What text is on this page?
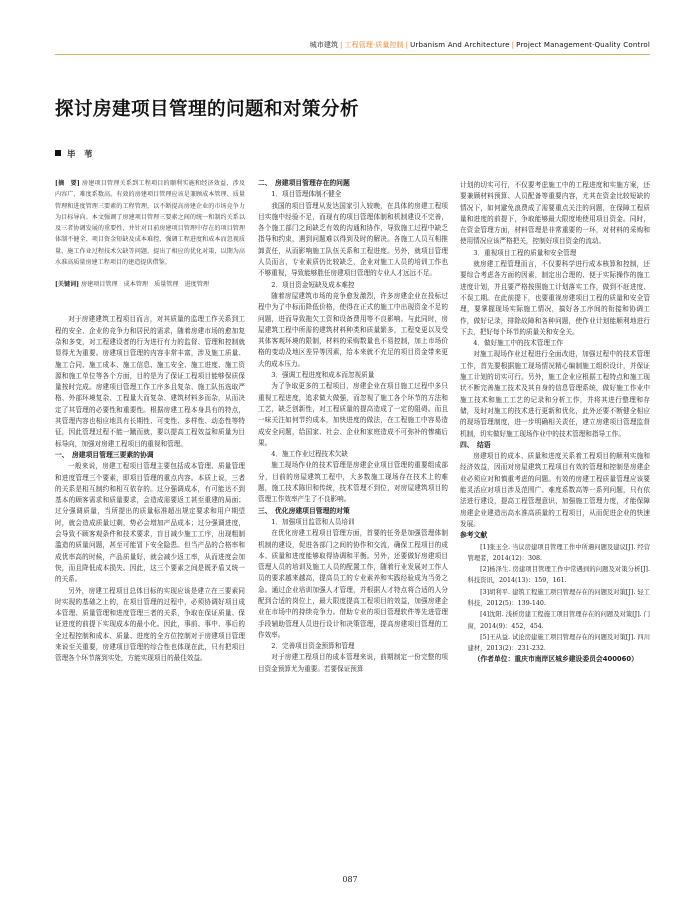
城市建筑 | 工程管理·质量控制 | Urbanism And Architecture | Project Management·Quality Control
探讨房建项目管理的问题和对策分析
毕　苇
[摘　要] 房建项目管理关系到工程项目的顺利实施和经济效益，涉及内容广、难度系数高。有效的房建项目管理应该是兼顾成本管理、质量管理和进度管理三要素的工程管理，以不断提高房建企业的市场竞争力为目标导向。本文强调了房建项目管理三要素之间的统一和制约关系以及三者协调发展的重要性，并针对目前房建项目管理中存在的项目管理体制不健全、项目资金短缺及成本难控、强调工程进度和成本而忽视质量、施工作业过程技术欠缺等问题，提出了相应的优化对策，以期为高水准高质量房建工程项目的建造提供借鉴。
[关键词] 房建项目管理　成本管理　质量管理　进度管理

对于房建建筑工程项目而言，对其质量的监理工作关系到工程的安全、企业的竞争力和居民的需求，随着房建市场的愈加复杂和多变，对工程建设者的行为进行有力的监督、管理和控制就显得尤为重要。房建项目管理的内容非常丰富，涉及施工质量、施工合同、施工成本、施工信息、施工安全、施工进度、施工资源和施工单位等各个方面，目的是为了保证工程项目能够保质保量按时完成。房建项目管理工作工序多且复杂、施工队伍选取严格、外部环境复杂、工程量大而复杂、建筑材料多而杂，从而决定了其管理的必要性和重要性。根据房建工程本身具有的特点，其管理内容也相应地具有长期性、可变性、多样性、动态性等特征，因此管理过程不能一蹴而就，要以提高工程效益和质量为目标导向，加强对房建工程项目的重视和管理。

一、　房建项目管理三要素的协调

一般来说，房建工程项目管理主要包括成本管理、质量管理和进度管理三个要素，即项目管理的重点内容。本质上说，三者的关系是相互制约和相互依存的。过分强调成本，有可能达不到基本的顾客需求和质量要求，会造成需要返工甚至重建的局面；过分强调质量，当所提出的质量标准超出规定要求和用户期望时，就会造成质量过剩，势必会增加产品成本；过分强调进度，会导致不顾客观条件和技术要求，盲目减少施工工序，出现粗制滥造的质量问题，甚至可能冒下安全隐患。但当产品的合格率和成优率高的时候，产品质量好，就会减少返工率，从而进度会加快，而且降低成本损失。因此，这三个要素之间是既矛盾又统一的关系。

另外，房建工程项目总体目标的实现应该是建立在三要素同时实现的基础之上的，在项目管理的过程中，必须协调好项目成本管理、质量管理和进度管理三者的关系，争取在保证质量、保证进度的前提下实现成本的最小化。因此，事前、事中、事后的全过程控制和成本、质量、进度的全方位控制对于房建项目管理来说至关重要，房建项目管理的综合性也体现在此，只有把项目管理各个环节落到实处，方能实现项目的最佳效益。

二、　房建项目管理存在的问题

1．项目管理体制不健全

我国的项目管理从发达国家引入较晚，在具体的房建工程项目实施中经验不足，而现有的项目管理体制和机制建设不完善，各个施工部门之间缺乏有效的沟通和协作，导致施工过程中缺乏指导和约束，遇到问题难以得到及时的解决。各施工人员互相推卸责任，从而影响施工队伍关系和工程进度。另外，就项目管理人员而言，专业素质仍比较缺乏，企业对施工人员的培训工作也不够重视，导致能够胜任房建项目管理的专业人才远远不足。

2．项目资金短缺及成本难控

随着房屋建筑市场的竞争愈发激烈，许多房建企业在投标过程中为了中标而降低价格，使得在正式的施工中出现资金不足的问题，进而导致拖欠工资和设备费用等不良影响。与此同时，房屋建筑工程中所需的建筑材料种类和质量繁多，工程变更以及受其体客观环境的限制，材料的采购数量也不易控制，加上市场价格的变动及地区差异等因素，给本来就不充足的项目资金带来更大的成本压力。

3．强调工程进度和成本而忽视质量

为了争取更多的工程项目，房建企业在项目施工过程中多只重视工程进度，追求做大做强，而忽视了施工各个环节的方法和工艺，缺乏创新性，对工程质量的提高造成了一定的阻碍。而且一味关注如何节约成本，加快进度的做法，在工程施工中容易造成安全问题，给国家、社会、企业和家庭造成不可弥补的惨痛后果。

4．施工作业过程技术欠缺

施工现场作业的技术管理是房建企业项目管理的重要组成部分，目前的房屋建筑工程中，大多数施工现场存在技术上的难题，施工技术陈旧和传统，技术管理不到位，对房屋建筑项目的管理工作效率产生了不良影响。

三、　优化房建项目管理的对策

1．加强项目监管和人员培训

在优化房建工程项目管理方面，首要的任务是加强管理体制机制的建设，促进各部门之间的协作和交流，确保工程项目的成本、质量和进度能够取得协调和平衡。另外，还要做好房建项目管理人员的培训及施工人员的配置工作，随着行业发展对工作人员的要求越来越高，提高员工的专业素养和实践经验成为当务之急。通过企业培训加强人才管理，并根据人才特点将合适的人分配到合适的岗位上，最大限度提高工程项目的效益，加强房建企业在市场中的持续竞争力。借助专业的项目管理软件等先进管理手段辅助管理人员进行设计和决策管理，提高房建项目管理的工作效率。

2．完善项目资金预算和管理

对于房建工程项目的成本管理来说，前期制定一份完整的项目资金预算尤为重要。若要保证预算

计划的切实可行，不仅要考虑施工中的工程进度和实施方案，还要兼顾材料预算、人员配备等重要内容，尤其在资金比较短缺的情况下，如何避免浪费成了需要重点关注的问题，在保障工程质量和进度的前提下，争取能够最大限度地使用项目资金。同时，在资金管理方面，材料管理是非常重要的一环，对材料的采购和使用情况应该严格把关，控制好项目资金的流动。

3．重视项目工程的质量和安全管理

就房建工程管理而言，不仅要科学进行成本核算和控制，还要综合考虑各方面的因素，制定出合理的、便于实际操作的施工进度计划，并且要严格按照施工计划落实工作，做到不赶进度、不误工期。在此前提下，也要重视房建项目工程的质量和安全管理，要掌握现场实际施工情况，搞好各工序间的衔接和协调工作，做好记录，排除故障和各种问题，使作业计划能顺利地进行下去，把好每个环节的质量关和安全关。

4．做好施工中的技术管理工作

对施工现场作业过程进行全面改进，加强过程中的技术管理工作，首先要根据施工现场情况精心编制施工组织设计，并保证施工计划的切实可行。另外，施工企业应根据工程特点和施工现状不断完善施工技术及其自身的信息管理系统，做好施工作业中施工技术和施工工艺的记录和分析工作，并将其进行整理和存储，及时对施工的技术进行更新和优化，此外还要不断健全相应的现场管理制度，进一步明确相关责任，建立房建项目管理监督机制，切实做好施工现场作业中的技术管理和指导工作。

四、　结语

房建项目的成本、质量和进度关系着工程项目的顺利实施和经济效益，因而对房屋建筑工程项目有效的管理和控制是房建企业必须应对和慎重考虑的问题。有效的房建工程质量管理应该要能灵活应对项目涉及范围广、难度系数高等一系列问题，只有依法进行建设，提高工程管理意识，加强施工管理力度，才能保障房建企业建造出高水准高质量的工程项目，从而促进企业的快速发展。

参考文献

[1]张玉全. 当议房建项目管理工作中所遇问题及建议[J]. 经营管理者，2014(12)：308.

[2]杨泽生. 房建项目管理工作中常遇到的问题及对策分析[J]. 科技资讯，2014(13)：159，161.

[3]胡利平. 建筑工程施工项目管理存在的问题及对策[J]. 轻工科技，2012(5)：139-140.

[4]沈阳. 浅析房建工程施工项目管理存在的问题及对策[J]. 门窗，2014(9)：452，454.

[5]王从益. 试论房建施工项目管理存在的问题及对策[J]. 四川建材，2013(2)：231-232.

（作者单位：重庆市南岸区城乡建设委员会400060）

087
